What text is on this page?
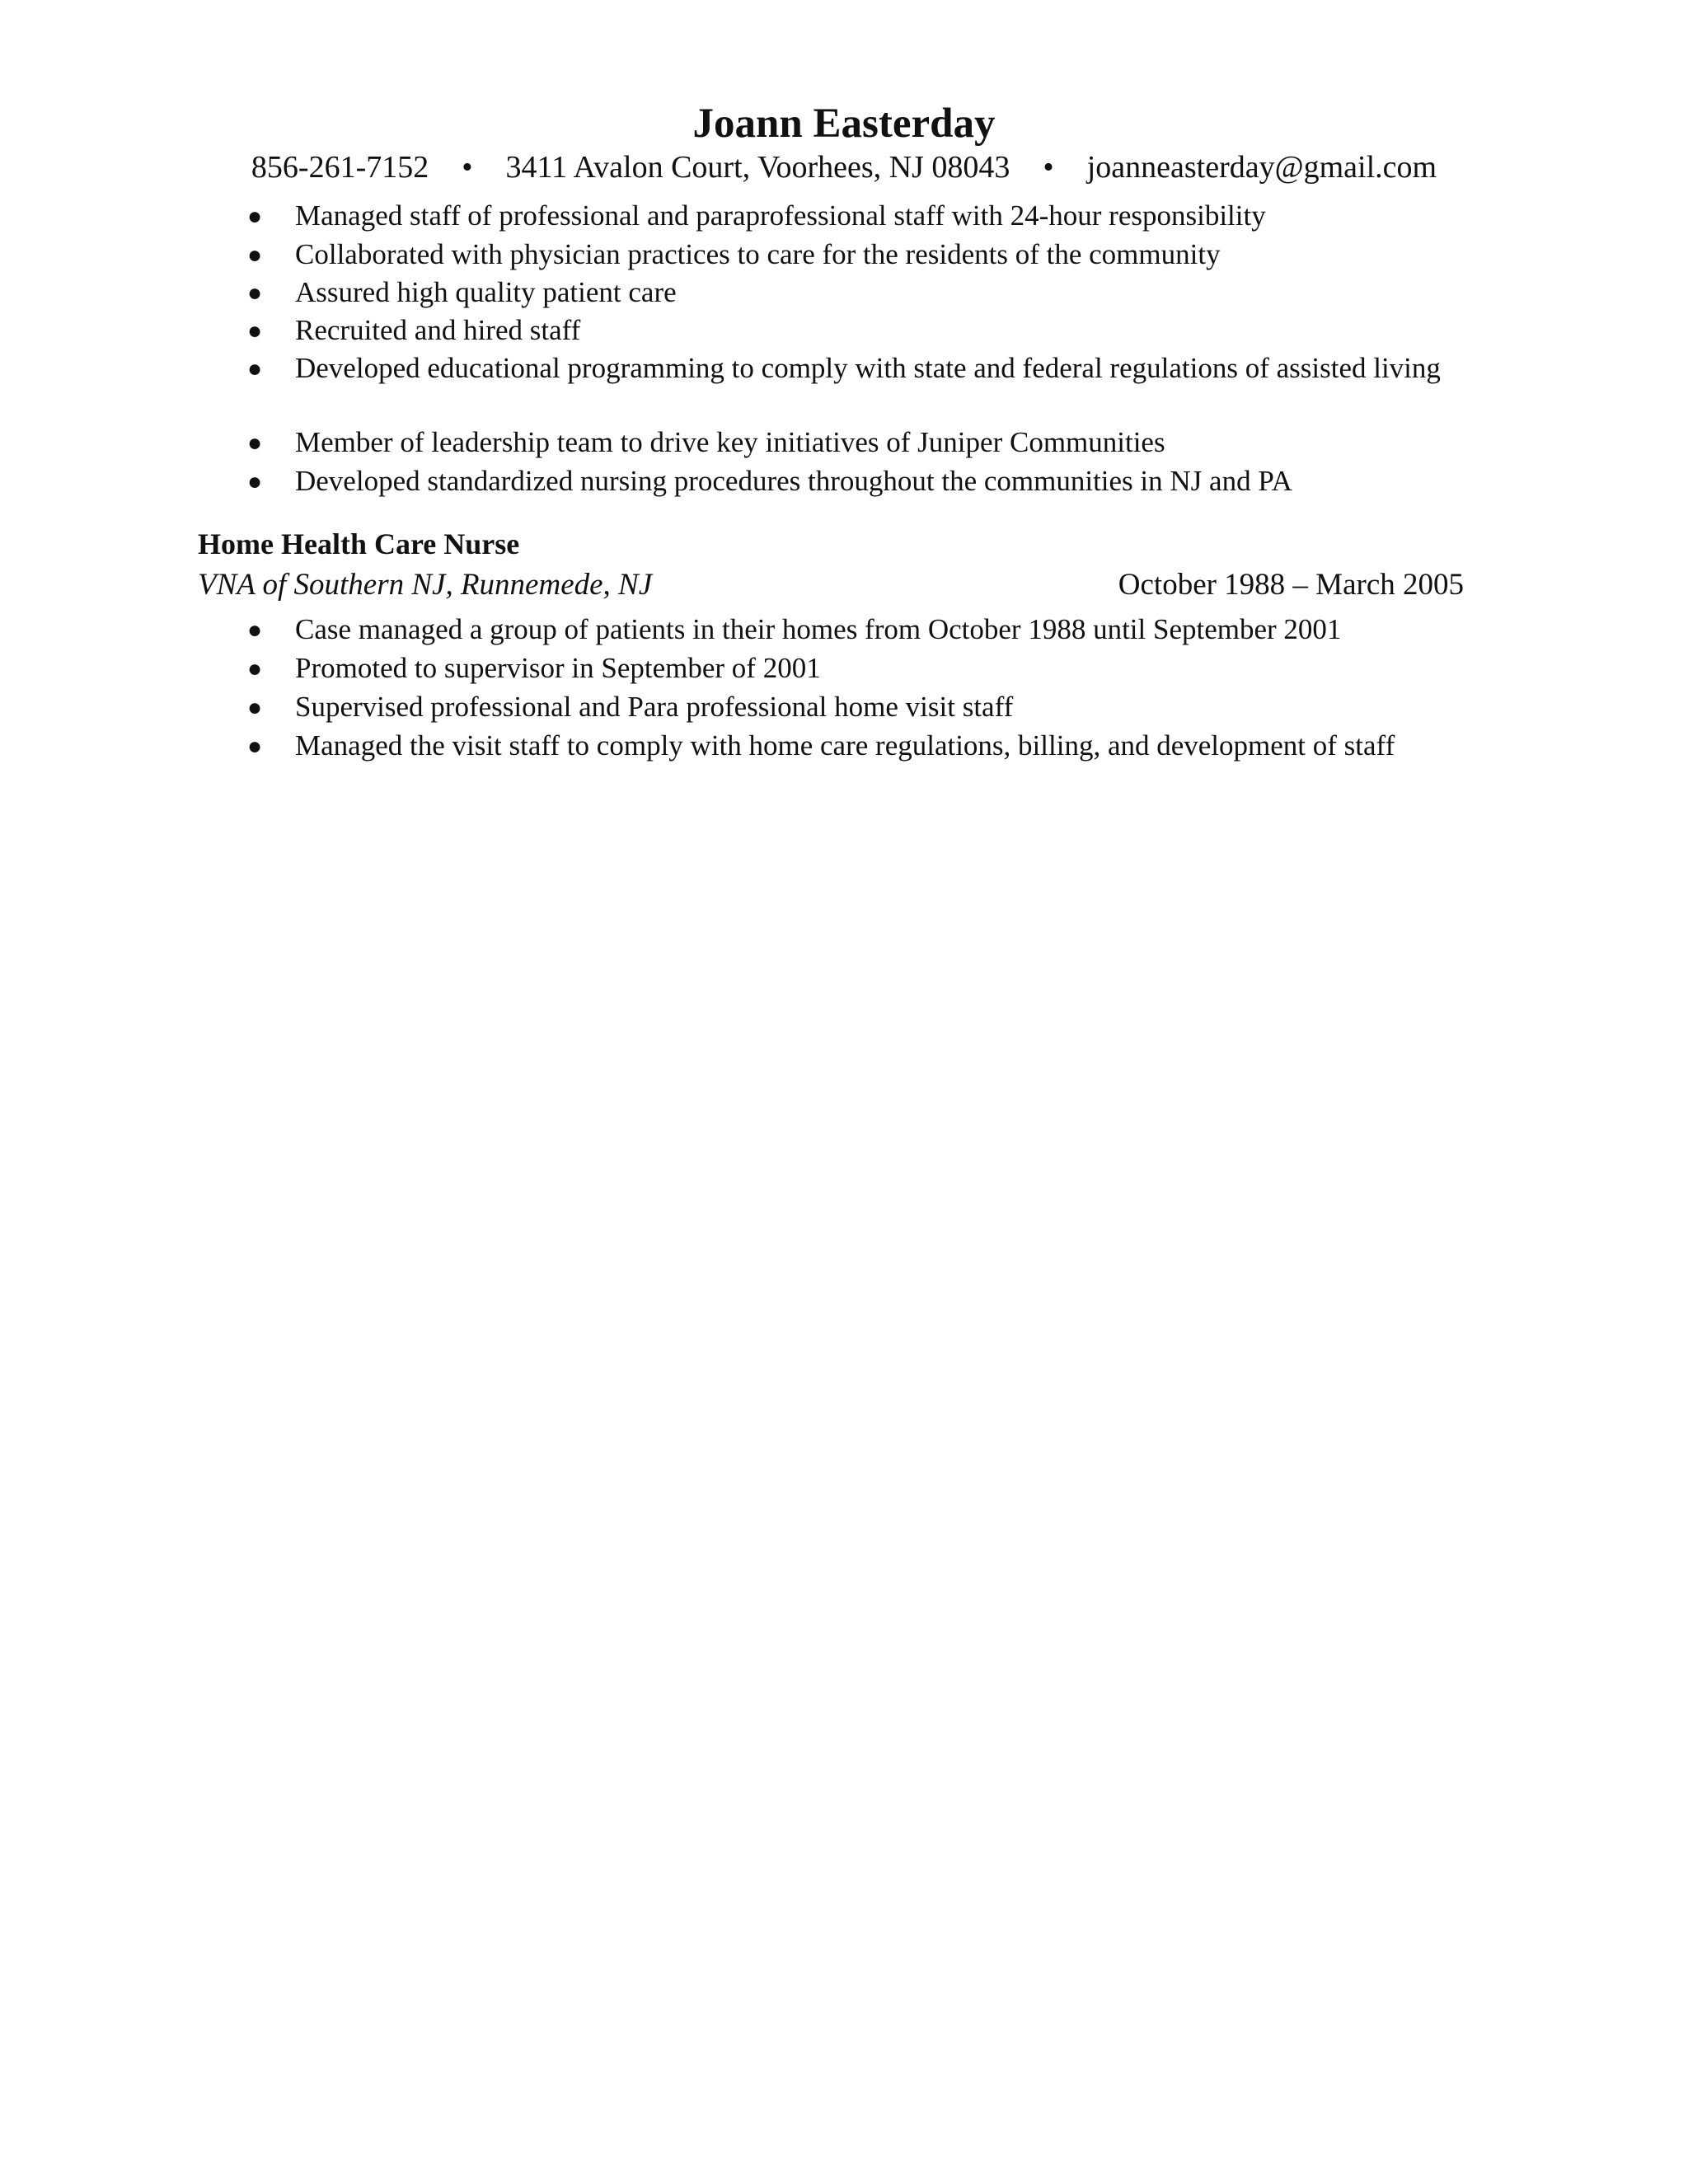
Joann Easterday
856-261-7152 • 3411 Avalon Court, Voorhees, NJ 08043 • joanneasterday@gmail.com
● Managed staff of professional and paraprofessional staff with 24-hour responsibility
● Collaborated with physician practices to care for the residents of the community
● Assured high quality patient care
● Recruited and hired staff
● Developed educational programming to comply with state and federal regulations of assisted living
● Member of leadership team to drive key initiatives of Juniper Communities
● Developed standardized nursing procedures throughout the communities in NJ and PA
Home Health Care Nurse
VNA of Southern NJ, Runnemede, NJ	October 1988 – March 2005
● Case managed a group of patients in their homes from October 1988 until September 2001
● Promoted to supervisor in September of 2001
● Supervised professional and Para professional home visit staff
● Managed the visit staff to comply with home care regulations, billing, and development of staff
